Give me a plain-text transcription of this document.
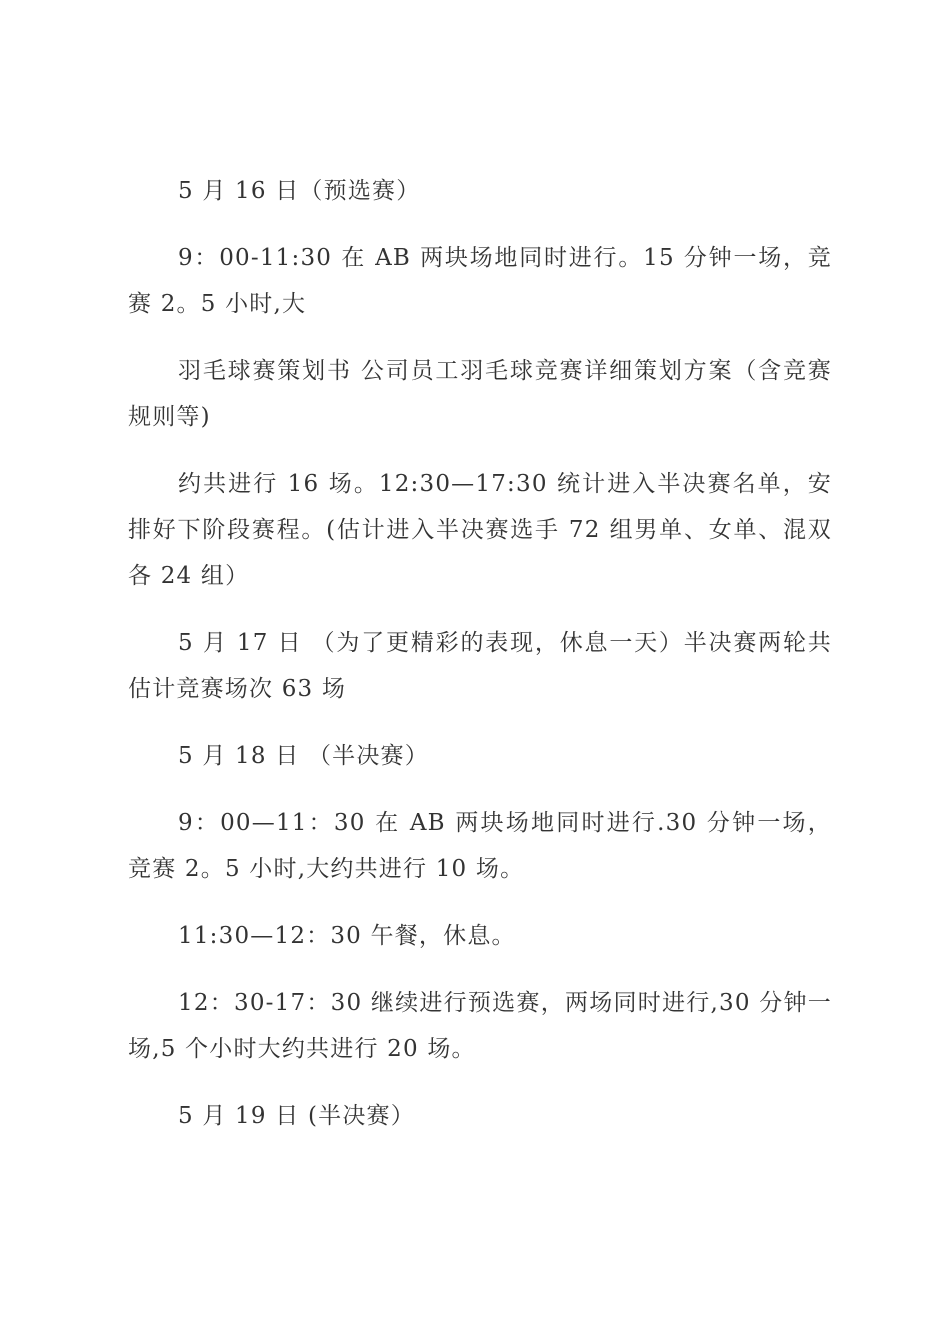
5 月 16 日（预选赛）

9：00-11:30 在 AB 两块场地同时进行。15 分钟一场，竞赛 2。5 小时,大

羽毛球赛策划书 公司员工羽毛球竞赛详细策划方案（含竞赛规则等)

约共进行 16 场。12:30—17:30 统计进入半决赛名单，安排好下阶段赛程。(估计进入半决赛选手 72 组男单、女单、混双各 24 组）

5 月 17 日 （为了更精彩的表现，休息一天）半决赛两轮共估计竞赛场次 63 场

5 月 18 日 （半决赛）

9：00—11：30 在 AB 两块场地同时进行.30 分钟一场，竞赛 2。5 小时,大约共进行 10 场。

11:30—12：30 午餐，休息。

12：30-17：30 继续进行预选赛，两场同时进行,30 分钟一场,5 个小时大约共进行 20 场。

5 月 19 日 (半决赛）
